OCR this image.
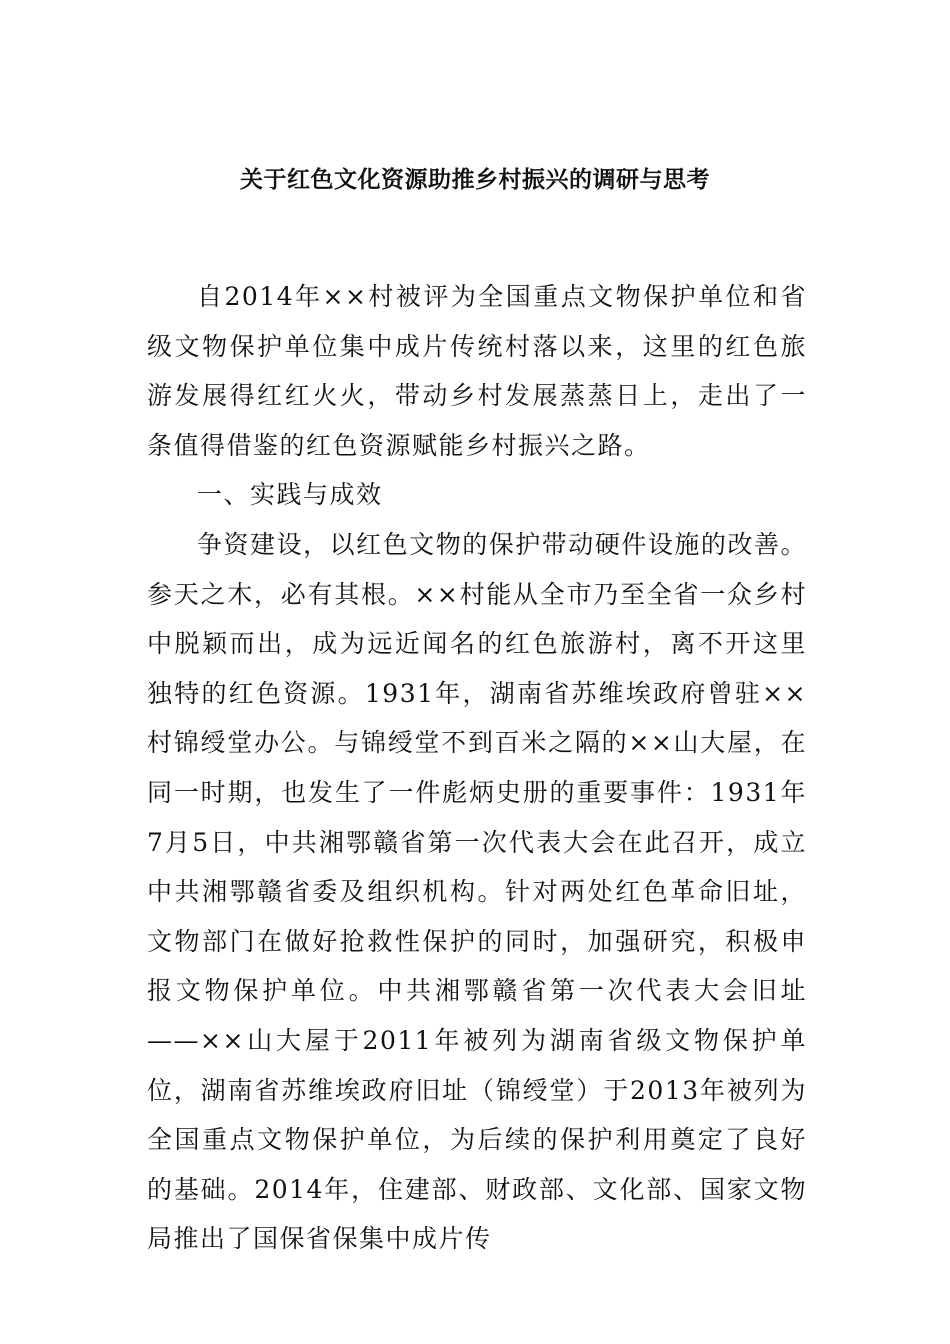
关于红色文化资源助推乡村振兴的调研与思考

自2014年××村被评为全国重点文物保护单位和省级文物保护单位集中成片传统村落以来，这里的红色旅游发展得红红火火，带动乡村发展蒸蒸日上，走出了一条值得借鉴的红色资源赋能乡村振兴之路。

一、实践与成效

争资建设，以红色文物的保护带动硬件设施的改善。参天之木，必有其根。××村能从全市乃至全省一众乡村中脱颖而出，成为远近闻名的红色旅游村，离不开这里独特的红色资源。1931年，湖南省苏维埃政府曾驻××村锦绶堂办公。与锦绶堂不到百米之隔的××山大屋，在同一时期，也发生了一件彪炳史册的重要事件：1931年7月5日，中共湘鄂赣省第一次代表大会在此召开，成立中共湘鄂赣省委及组织机构。针对两处红色革命旧址，文物部门在做好抢救性保护的同时，加强研究，积极申报文物保护单位。中共湘鄂赣省第一次代表大会旧址——××山大屋于2011年被列为湖南省级文物保护单位，湖南省苏维埃政府旧址（锦绶堂）于2013年被列为全国重点文物保护单位，为后续的保护利用奠定了良好的基础。2014年，住建部、财政部、文化部、国家文物局推出了国保省保集中成片传
